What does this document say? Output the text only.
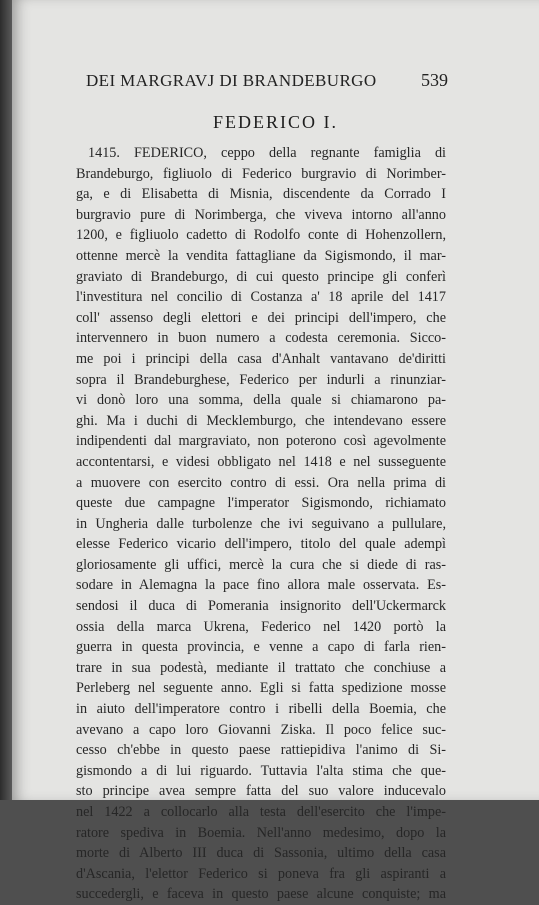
DEI MARGRAVJ DI BRANDEBURGO 539
FEDERICO I.
1415. FEDERICO, ceppo della regnante famiglia di
Brandeburgo, figliuolo di Federico burgravio di Norimber-
ga, e di Elisabetta di Misnia, discendente da Corrado I
burgravio pure di Norimberga, che viveva intorno all'anno
1200, e figliuolo cadetto di Rodolfo conte di Hohenzollern,
ottenne mercè la vendita fattagliane da Sigismondo, il mar-
graviato di Brandeburgo, di cui questo principe gli conferì
l'investitura nel concilio di Costanza a' 18 aprile del 1417
coll' assenso degli elettori e dei principi dell'impero, che
intervennero in buon numero a codesta ceremonia. Sicco-
me poi i principi della casa d'Anhalt vantavano de'diritti
sopra il Brandeburghese, Federico per indurli a rinunziar-
vi donò loro una somma, della quale si chiamarono pa-
ghi. Ma i duchi di Mecklemburgo, che intendevano essere
indipendenti dal margraviato, non poterono così agevolmente
accontentarsi, e videsi obbligato nel 1418 e nel susseguente
a muovere con esercito contro di essi. Ora nella prima di
queste due campagne l'imperator Sigismondo, richiamato
in Ungheria dalle turbolenze che ivi seguivano a pullulare,
elesse Federico vicario dell'impero, titolo del quale adempì
gloriosamente gli uffici, mercè la cura che si diede di ras-
sodare in Alemagna la pace fino allora male osservata. Es-
sendosi il duca di Pomerania insignorito dell'Uckermarck
ossia della marca Ukrena, Federico nel 1420 portò la
guerra in questa provincia, e venne a capo di farla rien-
trare in sua podestà, mediante il trattato che conchiuse a
Perleberg nel seguente anno. Egli si fatta spedizione mosse
in aiuto dell'imperatore contro i ribelli della Boemia, che
avevano a capo loro Giovanni Ziska. Il poco felice suc-
cesso ch'ebbe in questo paese rattiepidiva l'animo di Si-
gismondo a di lui riguardo. Tuttavia l'alta stima che que-
sto principe avea sempre fatta del suo valore inducevalo
nel 1422 a collocarlo alla testa dell'esercito che l'impe-
ratore spediva in Boemia. Nell'anno medesimo, dopo la
morte di Alberto III duca di Sassonia, ultimo della casa
d'Ascania, l'elettor Federico si poneva fra gli aspiranti a
succedergli, e faceva in questo paese alcune conquiste; ma
